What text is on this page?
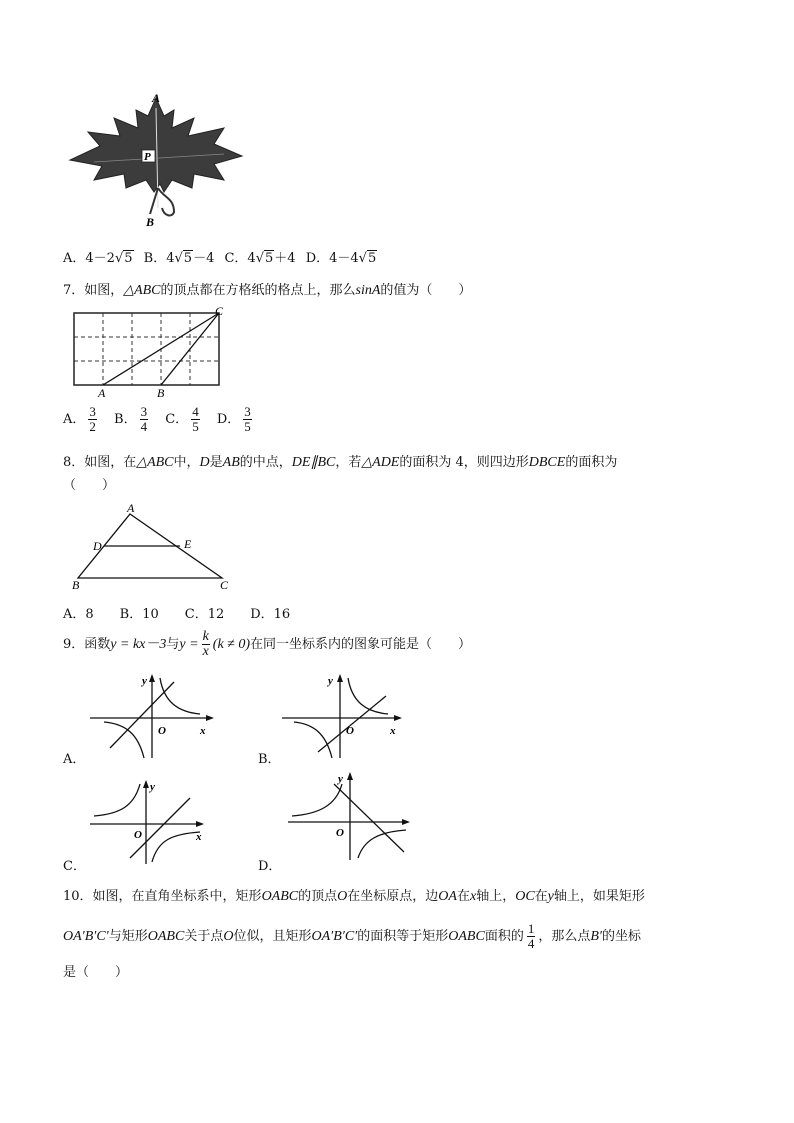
P
A
B
A．4－2√5 B．4√5－4 C．4√5＋4 D．4－4√5
7．如图，△ABC的顶点都在方格纸的格点上，那么sinA的值为（　　）
A	B
C
A． $\frac{3}{2}$ B． $\frac{3}{4}$ C． $\frac{4}{5}$ D． $\frac{3}{5}$
8．如图，在△ABC中，D是AB的中点，DE∥BC，若△ADE的面积为 4，则四边形DBCE的面积为
（　　）
A
D	E
B	C
A．8　　B．10　　C．12　　D．16
9．函数y = kx－3与$y = \frac{k}{x} (k \ne 0)$在同一坐标系内的图象可能是（　　）
y
O	x
A．
y
O	x
B．
y
O	x
C．
y
O
D．
10．如图，在直角坐标系中，矩形OABC的顶点O在坐标原点，边OA在x轴上，OC在y轴上，如果矩形
OA′B′C′与矩形OABC关于点O位似，且矩形OA′B′C′的面积等于矩形OABC面积的 $\frac{1}{4}$ ，那么点B′的坐标
是（　　）
